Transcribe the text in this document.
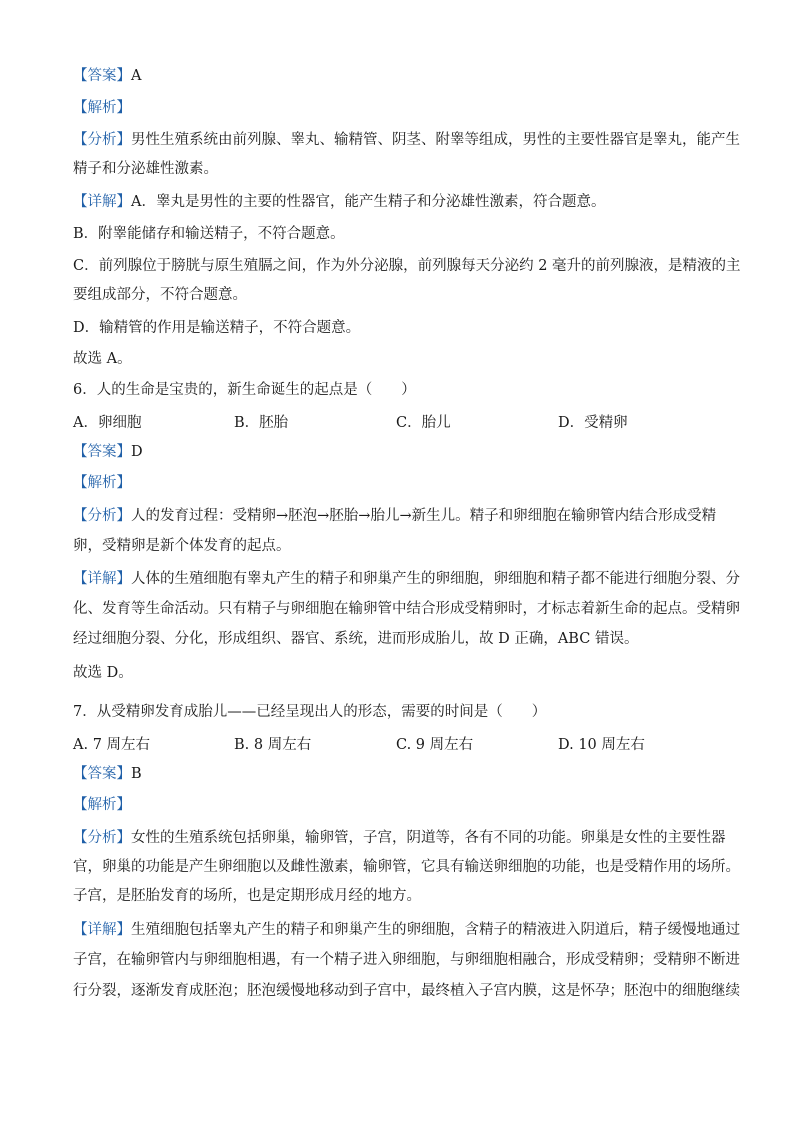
【答案】A
【解析】
【分析】男性生殖系统由前列腺、睾丸、输精管、阴茎、附睾等组成，男性的主要性器官是睾丸，能产生
精子和分泌雄性激素。
【详解】A．睾丸是男性的主要的性器官，能产生精子和分泌雄性激素，符合题意。
B．附睾能储存和输送精子，不符合题意。
C．前列腺位于膀胱与原生殖膈之间，作为外分泌腺，前列腺每天分泌约 2 毫升的前列腺液，是精液的主
要组成部分，不符合题意。
D．输精管的作用是输送精子，不符合题意。
故选 A。
6．人的生命是宝贵的，新生命诞生的起点是（　　）
A．卵细胞	B．胚胎	C．胎儿	D．受精卵
【答案】D
【解析】
【分析】人的发育过程：受精卵→胚泡→胚胎→胎儿→新生儿。精子和卵细胞在输卵管内结合形成受精
卵，受精卵是新个体发育的起点。
【详解】人体的生殖细胞有睾丸产生的精子和卵巢产生的卵细胞，卵细胞和精子都不能进行细胞分裂、分
化、发育等生命活动。只有精子与卵细胞在输卵管中结合形成受精卵时，才标志着新生命的起点。受精卵
经过细胞分裂、分化，形成组织、器官、系统，进而形成胎儿，故 D 正确，ABC 错误。
故选 D。
7．从受精卵发育成胎儿——已经呈现出人的形态，需要的时间是（　　）
A. 7 周左右	B. 8 周左右	C. 9 周左右	D. 10 周左右
【答案】B
【解析】
【分析】女性的生殖系统包括卵巢，输卵管，子宫，阴道等，各有不同的功能。卵巢是女性的主要性器
官，卵巢的功能是产生卵细胞以及雌性激素，输卵管，它具有输送卵细胞的功能，也是受精作用的场所。
子宫，是胚胎发育的场所，也是定期形成月经的地方。
【详解】生殖细胞包括睾丸产生的精子和卵巢产生的卵细胞，含精子的精液进入阴道后，精子缓慢地通过
子宫，在输卵管内与卵细胞相遇，有一个精子进入卵细胞，与卵细胞相融合，形成受精卵；受精卵不断进
行分裂，逐渐发育成胚泡；胚泡缓慢地移动到子宫中，最终植入子宫内膜，这是怀孕；胚泡中的细胞继续
